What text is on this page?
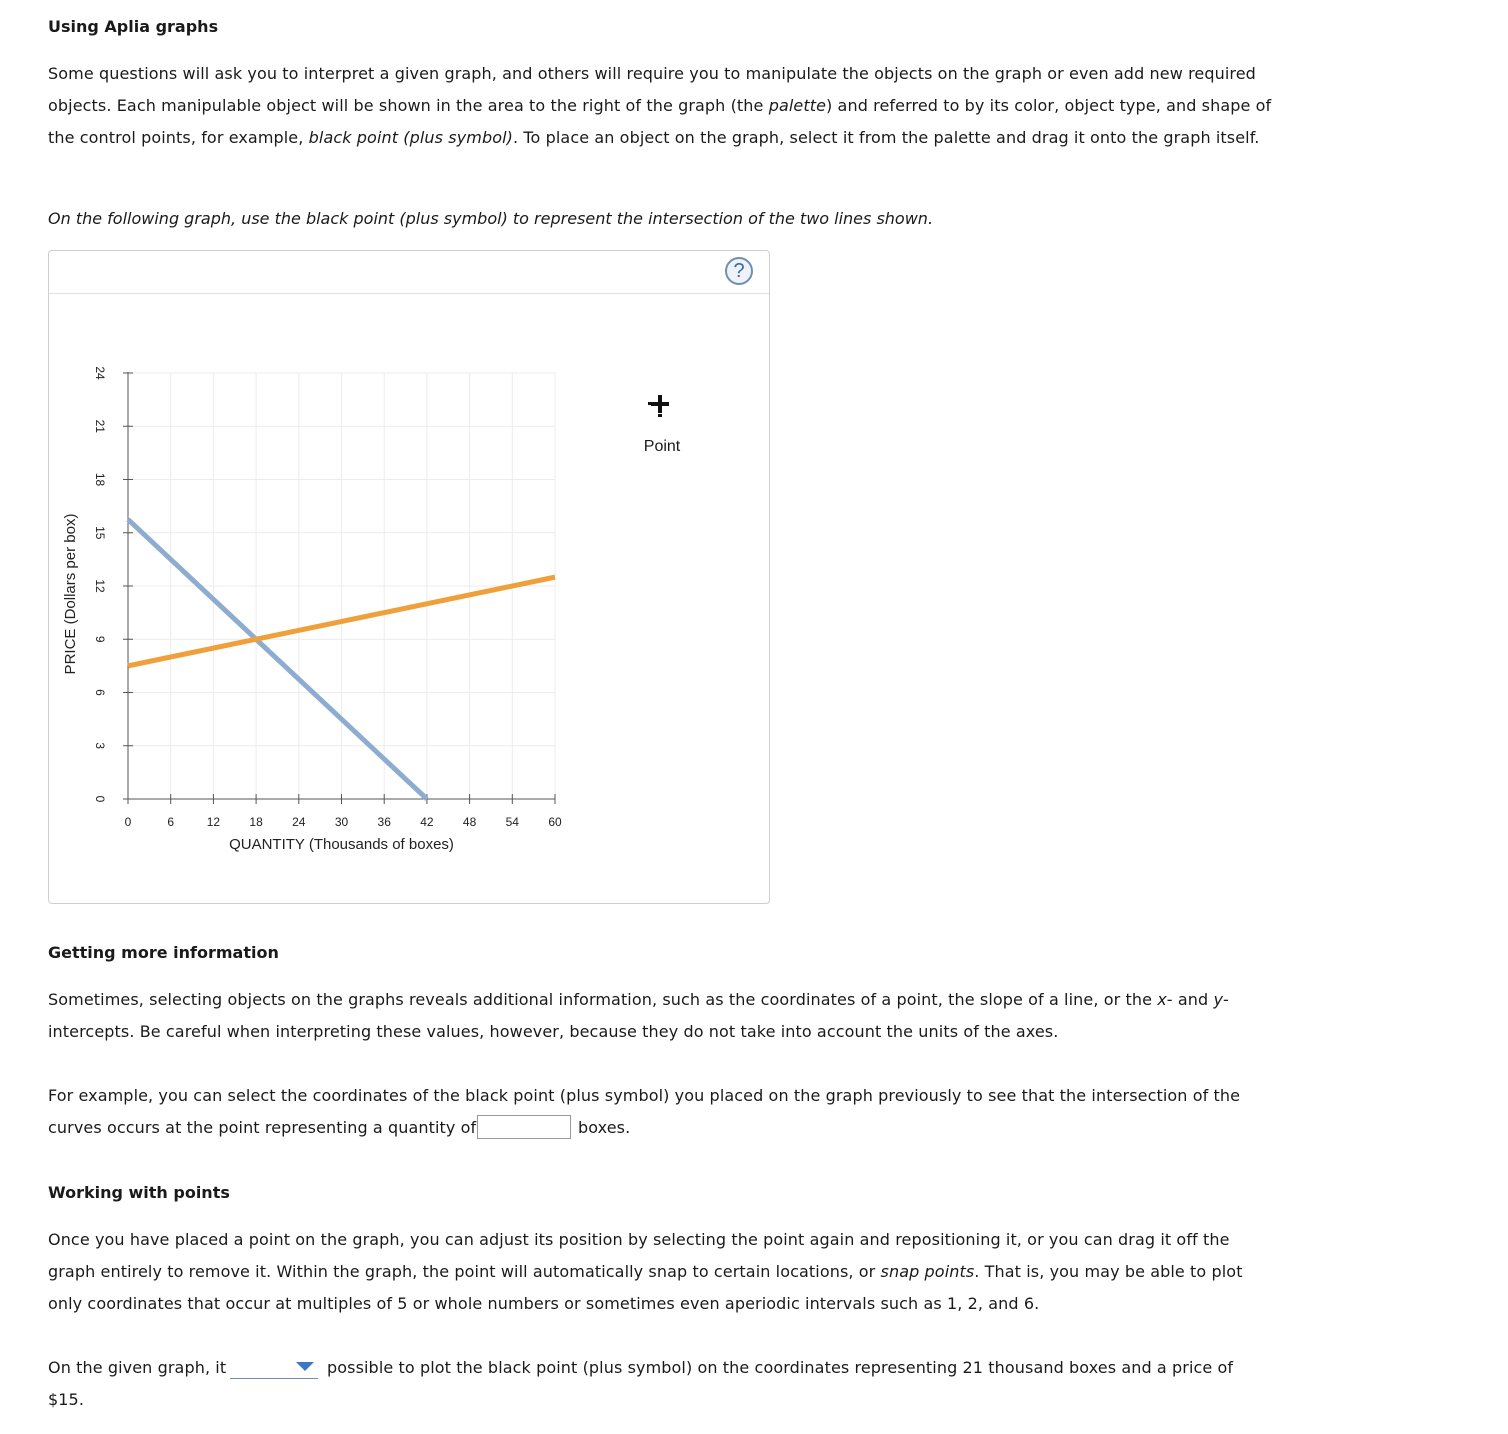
Using Aplia graphs
Some questions will ask you to interpret a given graph, and others will require you to manipulate the objects on the graph or even add new required
objects. Each manipulable object will be shown in the area to the right of the graph (the palette) and referred to by its color, object type, and shape of
the control points, for example, black point (plus symbol). To place an object on the graph, select it from the palette and drag it onto the graph itself.
On the following graph, use the black point (plus symbol) to represent the intersection of the two lines shown.
?
0
3
6
9
12
15
18
21
24
0	6	12 18 24 30 36 42 48 54 60
QUANTITY (Thousands of boxes)
PRICE (Dollars per box)
Point
Getting more information
Sometimes, selecting objects on the graphs reveals additional information, such as the coordinates of a point, the slope of a line, or the x- and y-
intercepts. Be careful when interpreting these values, however, because they do not take into account the units of the axes.
For example, you can select the coordinates of the black point (plus symbol) you placed on the graph previously to see that the intersection of the
curves occurs at the point representing a quantity of	boxes.
Working with points
Once you have placed a point on the graph, you can adjust its position by selecting the point again and repositioning it, or you can drag it off the
graph entirely to remove it. Within the graph, the point will automatically snap to certain locations, or snap points. That is, you may be able to plot
only coordinates that occur at multiples of 5 or whole numbers or sometimes even aperiodic intervals such as 1, 2, and 6.
On the given graph, it	possible to plot the black point (plus symbol) on the coordinates representing 21 thousand boxes and a price of
$15.
